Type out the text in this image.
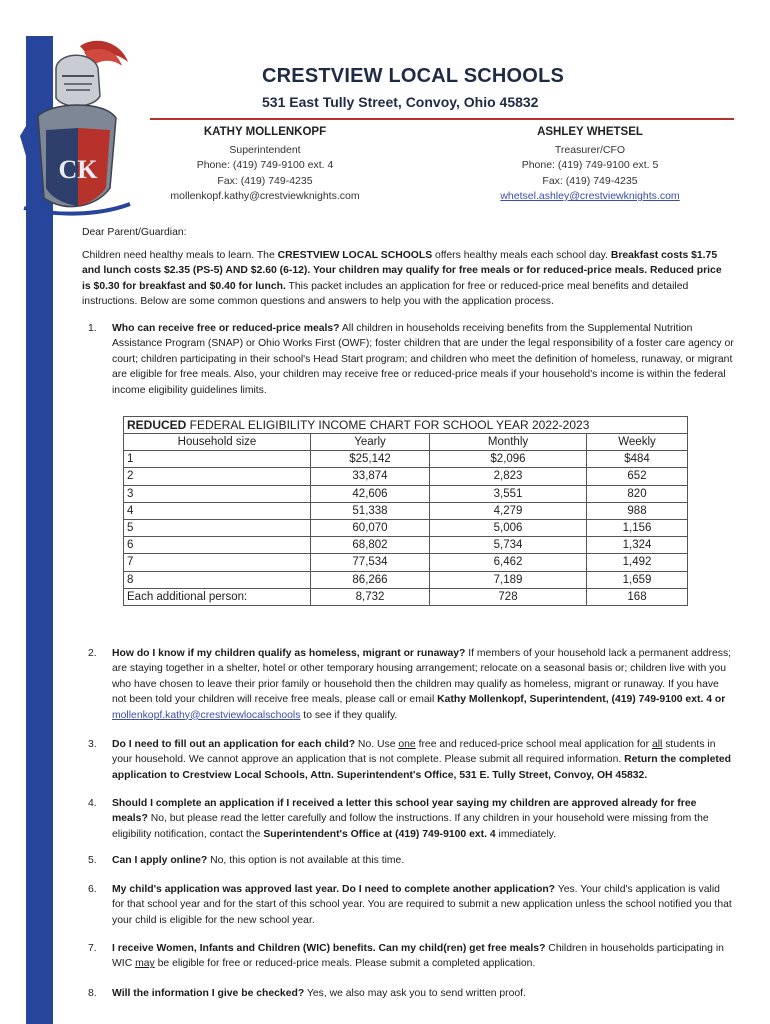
CK
CRESTVIEW LOCAL SCHOOLS
531 East Tully Street, Convoy, Ohio 45832
KATHY MOLLENKOPF
Superintendent
Phone: (419) 749-9100 ext. 4
Fax: (419) 749-4235
mollenkopf.kathy@crestviewknights.com
ASHLEY WHETSEL
Treasurer/CFO
Phone: (419) 749-9100 ext. 5
Fax: (419) 749-4235
whetsel.ashley@crestviewknights.com
Dear Parent/Guardian:
Children need healthy meals to learn. The CRESTVIEW LOCAL SCHOOLS offers healthy meals each school day. Breakfast costs $1.75 and lunch costs $2.35 (PS-5) AND $2.60 (6-12). Your children may qualify for free meals or for reduced-price meals. Reduced price is $0.30 for breakfast and $0.40 for lunch. This packet includes an application for free or reduced-price meal benefits and detailed instructions. Below are some common questions and answers to help you with the application process.
1. Who can receive free or reduced-price meals? All children in households receiving benefits from the Supplemental Nutrition Assistance Program (SNAP) or Ohio Works First (OWF); foster children that are under the legal responsibility of a foster care agency or court; children participating in their school's Head Start program; and children who meet the definition of homeless, runaway, or migrant are eligible for free meals. Also, your children may receive free or reduced-price meals if your household's income is within the federal income eligibility guidelines limits.
REDUCED FEDERAL ELIGIBILITY INCOME CHART FOR SCHOOL YEAR 2022-2023			
Household size	Yearly	Monthly	Weekly
1	$25,142	$2,096	$484
2	33,874	2,823	652
3	42,606	3,551	820
4	51,338	4,279	988
5	60,070	5,006	1,156
6	68,802	5,734	1,324
7	77,534	6,462	1,492
8	86,266	7,189	1,659
Each additional person:	8,732	728	168
2. How do I know if my children qualify as homeless, migrant or runaway? If members of your household lack a permanent address; are staying together in a shelter, hotel or other temporary housing arrangement; relocate on a seasonal basis or; children live with you who have chosen to leave their prior family or household then the children may qualify as homeless, migrant or runaway. If you have not been told your children will receive free meals, please call or email Kathy Mollenkopf, Superintendent, (419) 749-9100 ext. 4 or
mollenkopf.kathy@crestviewlocalschools to see if they qualify.
3. Do I need to fill out an application for each child? No. Use one free and reduced-price school meal application for all students in your household. We cannot approve an application that is not complete. Please submit all required information. Return the completed application to Crestview Local Schools, Attn. Superintendent's Office, 531 E. Tully Street, Convoy, OH 45832.
4. Should I complete an application if I received a letter this school year saying my children are approved already for free meals? No, but please read the letter carefully and follow the instructions. If any children in your household were missing from the eligibility notification, contact the Superintendent's Office at (419) 749-9100 ext. 4 immediately.
5. Can I apply online? No, this option is not available at this time.
6. My child's application was approved last year. Do I need to complete another application? Yes. Your child's application is valid for that school year and for the start of this school year. You are required to submit a new application unless the school notified you that your child is eligible for the new school year.
7. I receive Women, Infants and Children (WIC) benefits. Can my child(ren) get free meals? Children in households participating in WIC may be eligible for free or reduced-price meals. Please submit a completed application.
8. Will the information I give be checked? Yes, we also may ask you to send written proof.
